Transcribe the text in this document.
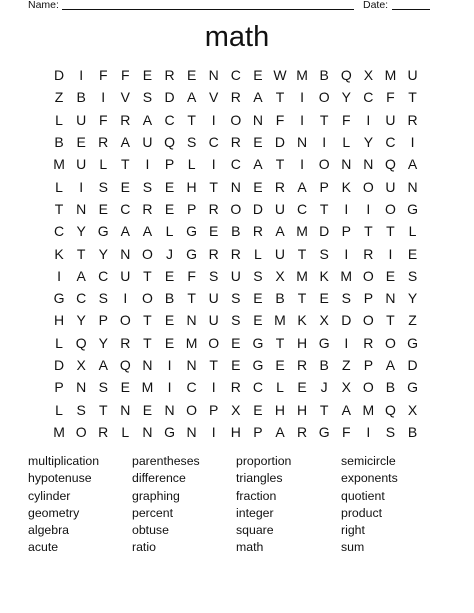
Name:	Date:
math
D	I	F F E R E N C E W M B Q X M U
Z B	I	V S D A V R A T	I	O Y C F T
L U F R A C T	I	O N F	I	T F	I	U R
B E R A U Q S C R E D N	I	L Y C	I
M U L T	I	P L	I	C A T	I	O N N Q A
L	I	S E S E H T N E R A P K O U N
T N E C R E P R O D U C T	I	I	O G
C Y G A A L G E B R A M D P T T L
K T Y N O J G R R L U T S	I	R	I	E
I	A C U T E F S U S X M K M O E S
G C S	I	O B T U S E B T E S P N Y
H Y P O T E N U S E M K X D O T Z
L Q Y R T E M O E G T H G	I	R O G
D X A Q N	I	N T E G E R B Z P A D
P N S E M	I	C	I	R C L E J X O B G
L S T N E N O P X E H H T A M Q X
M O R L N G N	I	H P A R G F	I	S B
multiplication	parentheses	proportion	semicircle
hypotenuse	difference	triangles	exponents
cylinder	graphing	fraction	quotient
geometry	percent	integer	product
algebra	obtuse	square	right
acute	ratio	math	sum
